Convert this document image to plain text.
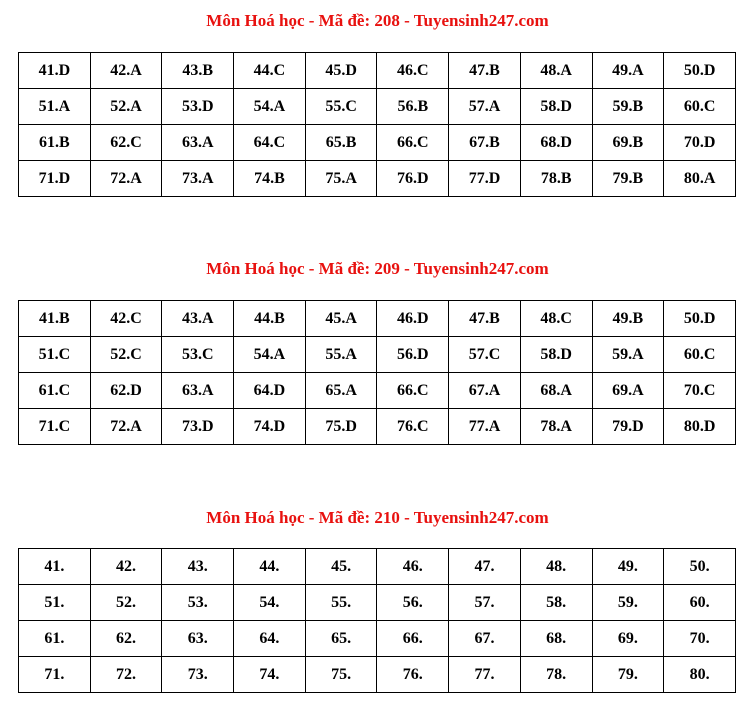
Môn Hoá học - Mã đề: 208 - Tuyensinh247.com
41.D	42.A	43.B	44.C	45.D	46.C	47.B	48.A	49.A	50.D
51.A	52.A	53.D	54.A	55.C	56.B	57.A	58.D	59.B	60.C
61.B	62.C	63.A	64.C	65.B	66.C	67.B	68.D	69.B	70.D
71.D	72.A	73.A	74.B	75.A	76.D	77.D	78.B	79.B	80.A
Môn Hoá học - Mã đề: 209 - Tuyensinh247.com
41.B	42.C	43.A	44.B	45.A	46.D	47.B	48.C	49.B	50.D
51.C	52.C	53.C	54.A	55.A	56.D	57.C	58.D	59.A	60.C
61.C	62.D	63.A	64.D	65.A	66.C	67.A	68.A	69.A	70.C
71.C	72.A	73.D	74.D	75.D	76.C	77.A	78.A	79.D	80.D
Môn Hoá học - Mã đề: 210 - Tuyensinh247.com
41.	42.	43.	44.	45.	46.	47.	48.	49.	50.
51.	52.	53.	54.	55.	56.	57.	58.	59.	60.
61.	62.	63.	64.	65.	66.	67.	68.	69.	70.
71.	72.	73.	74.	75.	76.	77.	78.	79.	80.
